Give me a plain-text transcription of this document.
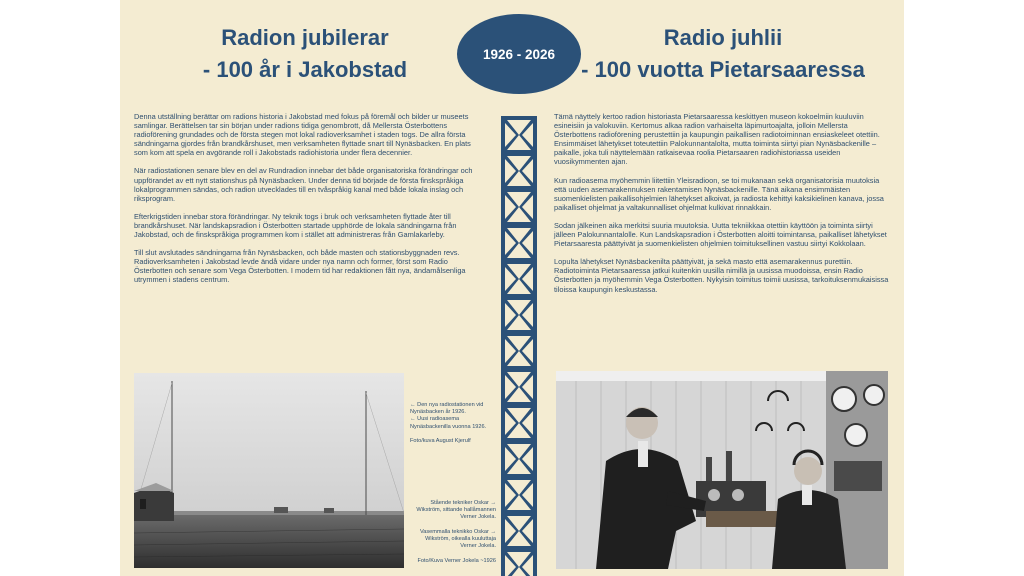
Radion jubilerar
- 100 år i Jakobstad
1926 - 2026
Radio juhlii
- 100 vuotta Pietarsaaressa

Denna utställning berättar om radions historia i Jakobstad med fokus på föremål och bilder ur museets samlingar. Berättelsen tar sin början under radions tidiga genombrott, då Mellersta Österbottens radioförening grundades och de första stegen mot lokal radioverksamhet i staden togs. De allra första sändningarna gjordes från brandkårshuset, men verksamheten flyttade snart till Nynäsbacken. En plats som kom att spela en avgörande roll i Jakobstads radiohistoria under flera decennier.

När radiostationen senare blev en del av Rundradion innebar det både organisatoriska förändringar och uppförandet av ett nytt stationshus på Nynäsbacken. Under denna tid började de första finskspråkiga lokalprogrammen sändas, och radion utvecklades till en tvåspråkig kanal med både lokala inslag och riksprogram.

Efterkrigstiden innebar stora förändringar. Ny teknik togs i bruk och verksamheten flyttade åter till brandkårshuset. När landskapsradion i Österbotten startade upphörde de lokala sändningarna från Jakobstad, och de finskspråkiga programmen kom i stället att administreras från Gamlakarleby.

Till slut avslutades sändningarna från Nynäsbacken, och både masten och stationsbyggnaden revs. Radioverksamheten i Jakobstad levde ändå vidare under nya namn och former, först som Radio Österbotten och senare som Vega Österbotten. I modern tid har redaktionen fått nya, ändamålsenliga utrymmen i stadens centrum.

Tämä näyttely kertoo radion historiasta Pietarsaaressa keskittyen museon kokoelmiin kuuluviin esineisiin ja valokuviin. Kertomus alkaa radion varhaiselta läpimurtoajalta, jolloin Mellersta Österbottens radioförening perustettiin ja kaupungin paikallisen radiotoiminnan ensiaskeleet otettiin. Ensimmäiset lähetykset toteutettiin Palokunnantalolta, mutta toiminta siirtyi pian Nynäsbackenille – paikalle, joka tuli näyttelemään ratkaisevaa roolia Pietarsaaren radiohistoriassa useiden vuosikymmenten ajan.

Kun radioasema myöhemmin liitettiin Yleisradioon, se toi mukanaan sekä organisatorisia muutoksia että uuden asemarakennuksen rakentamisen Nynäsbackenille. Tänä aikana ensimmäisten suomenkielisten paikallisohjelmien lähetykset alkoivat, ja radiosta kehittyi kaksikielinen kanava, jossa paikalliset ohjelmat ja valtakunnalliset ohjelmat kulkivat rinnakkain.

Sodan jälkeinen aika merkitsi suuria muutoksia. Uutta tekniikkaa otettiin käyttöön ja toiminta siirtyi jälleen Palokunnantalolle. Kun Landskapsradion i Österbotten aloitti toimintansa, paikalliset lähetykset Pietarsaaresta päättyivät ja suomenkielisten ohjelmien toimituksellinen vastuu siirtyi Kokkolaan.

Lopulta lähetykset Nynäsbackenilta päättyivät, ja sekä masto että asemarakennus purettiin. Radiotoiminta Pietarsaaressa jatkui kuitenkin uusilla nimillä ja uusissa muodoissa, ensin Radio Österbotten ja myöhemmin Vega Österbotten. Nykyisin toimitus toimii uusissa, tarkoituksenmukaisissa tiloissa kaupungin keskustassa.

← Den nya radiostationen vid
Nynäsbacken år 1926.
← Uusi radioasema
Nynäsbackenilla vuonna 1926.

Foto/kuva August Kjerulf
Stående tekniker Oskar →
Wikström, sittande hallåmannen
Verner Jokela.

Vasemmalla teknikko Oskar →
Wikström, oikealla kuuluttaja
Verner Jokela.

Foto/Kuva Verner Jokela ~1926
